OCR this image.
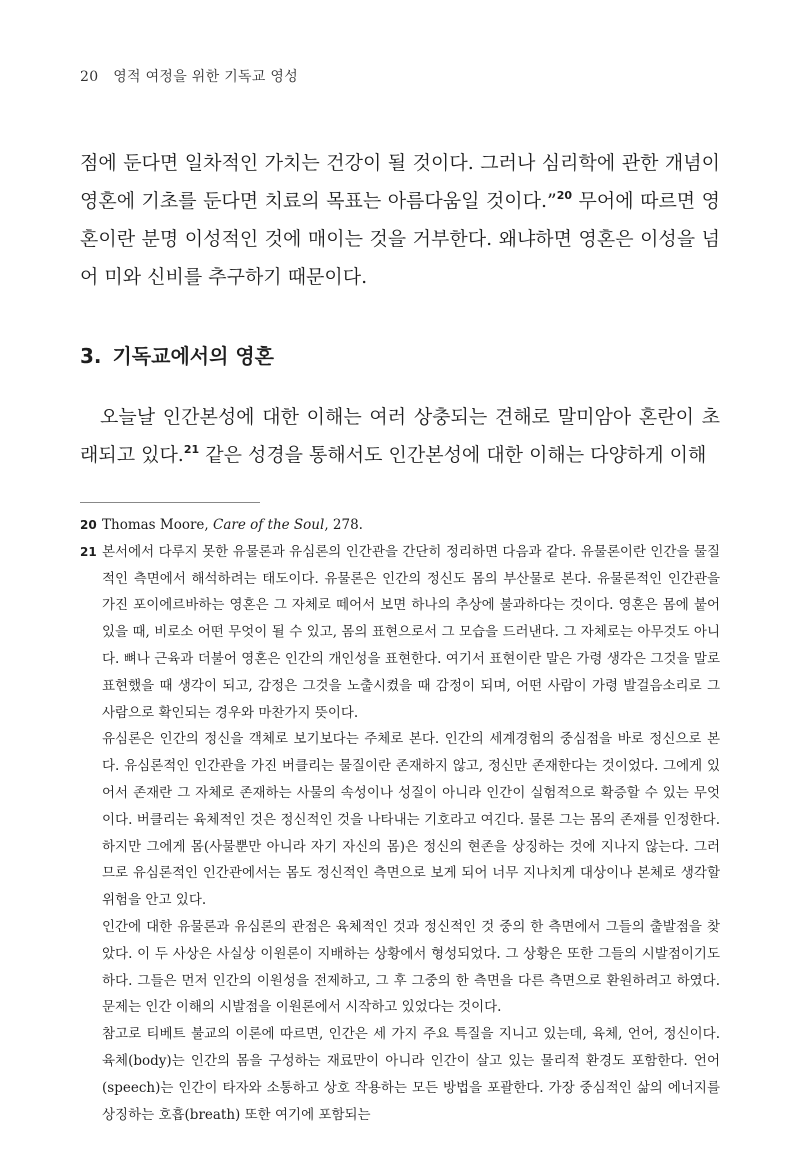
20 영적 여정을 위한 기독교 영성
점에 둔다면 일차적인 가치는 건강이 될 것이다. 그러나 심리학에 관한 개념이 영혼에 기초를 둔다면 치료의 목표는 아름다움일 것이다.”$^{20}$ 무어에 따르면 영혼이란 분명 이성적인 것에 매이는 것을 거부한다. 왜냐하면 영혼은 이성을 넘어 미와 신비를 추구하기 때문이다.
3. 기독교에서의 영혼
오늘날 인간본성에 대한 이해는 여러 상충되는 견해로 말미암아 혼란이 초래되고 있다.$^{21}$ 같은 성경을 통해서도 인간본성에 대한 이해는 다양하게 이해
20 Thomas Moore, Care of the Soul, 278.
21 본서에서 다루지 못한 유물론과 유심론의 인간관을 간단히 정리하면 다음과 같다. 유물론이란 인간을 물질적인 측면에서 해석하려는 태도이다. 유물론은 인간의 정신도 몸의 부산물로 본다. 유물론적인 인간관을 가진 포이에르바하는 영혼은 그 자체로 떼어서 보면 하나의 추상에 불과하다는 것이다. 영혼은 몸에 붙어 있을 때, 비로소 어떤 무엇이 될 수 있고, 몸의 표현으로서 그 모습을 드러낸다. 그 자체로는 아무것도 아니다. 뼈나 근육과 더불어 영혼은 인간의 개인성을 표현한다. 여기서 표현이란 말은 가령 생각은 그것을 말로 표현했을 때 생각이 되고, 감정은 그것을 노출시켰을 때 감정이 되며, 어떤 사람이 가령 발걸음소리로 그 사람으로 확인되는 경우와 마찬가지 뜻이다.

유심론은 인간의 정신을 객체로 보기보다는 주체로 본다. 인간의 세계경험의 중심점을 바로 정신으로 본다. 유심론적인 인간관을 가진 버클리는 물질이란 존재하지 않고, 정신만 존재한다는 것이었다. 그에게 있어서 존재란 그 자체로 존재하는 사물의 속성이나 성질이 아니라 인간이 실험적으로 확증할 수 있는 무엇이다. 버클리는 육체적인 것은 정신적인 것을 나타내는 기호라고 여긴다. 물론 그는 몸의 존재를 인정한다. 하지만 그에게 몸(사물뿐만 아니라 자기 자신의 몸)은 정신의 현존을 상징하는 것에 지나지 않는다. 그러므로 유심론적인 인간관에서는 몸도 정신적인 측면으로 보게 되어 너무 지나치게 대상이나 본체로 생각할 위험을 안고 있다.

인간에 대한 유물론과 유심론의 관점은 육체적인 것과 정신적인 것 중의 한 측면에서 그들의 출발점을 찾았다. 이 두 사상은 사실상 이원론이 지배하는 상황에서 형성되었다. 그 상황은 또한 그들의 시발점이기도 하다. 그들은 먼저 인간의 이원성을 전제하고, 그 후 그중의 한 측면을 다른 측면으로 환원하려고 하였다. 문제는 인간 이해의 시발점을 이원론에서 시작하고 있었다는 것이다.

참고로 티베트 불교의 이론에 따르면, 인간은 세 가지 주요 특질을 지니고 있는데, 육체, 언어, 정신이다. 육체(body)는 인간의 몸을 구성하는 재료만이 아니라 인간이 살고 있는 물리적 환경도 포함한다. 언어(speech)는 인간이 타자와 소통하고 상호 작용하는 모든 방법을 포괄한다. 가장 중심적인 삶의 에너지를 상징하는 호흡(breath) 또한 여기에 포함되는
